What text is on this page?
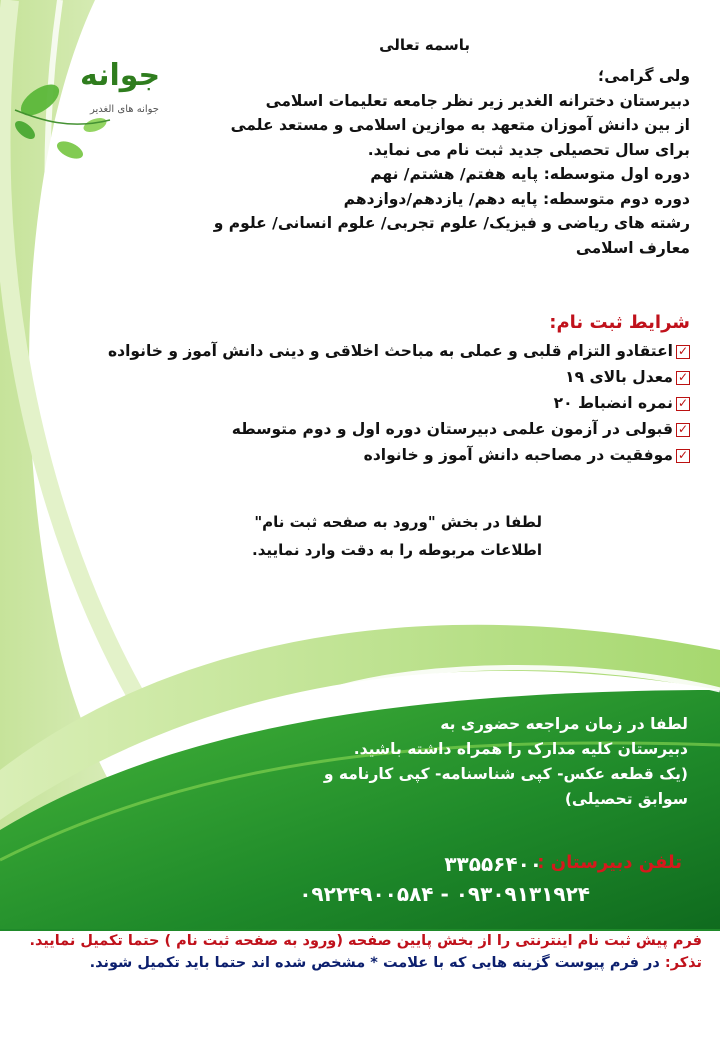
جوانه
جوانه های الغدیر
باسمه تعالی
ولی گرامی؛
دبیرستان دخترانه الغدیر زیر نظر جامعه تعلیمات اسلامی
از بین دانش آموزان متعهد به موازین اسلامی و مستعد علمی
برای سال تحصیلی جدید ثبت نام می نماید.
دوره اول متوسطه: پایه هفتم/ هشتم/ نهم
دوره دوم متوسطه: پایه دهم/ یازدهم/دوازدهم
رشته های ریاضی و فیزیک/ علوم تجربی/ علوم انسانی/ علوم و
معارف اسلامی
شرایط ثبت نام:
✓اعتقادو التزام قلبی و عملی به مباحث اخلاقی و دینی دانش آموز و خانواده
✓معدل بالای ۱۹
✓نمره انضباط ۲۰
✓قبولی در آزمون علمی دبیرستان دوره اول و دوم متوسطه
✓موفقیت در مصاحبه دانش آموز و خانواده
لطفا در بخش "ورود به صفحه ثبت نام"
اطلاعات مربوطه را به دقت وارد نمایید.
لطفا در زمان مراجعه حضوری به
دبیرستان کلیه مدارک را همراه داشته باشید.
(یک قطعه عکس- کپی شناسنامه- کپی کارنامه و
سوابق تحصیلی)
تلفن دبیرستان :
۳۳۵۵۶۴۰۰
۰۹۲۲۴۹۰۰۵۸۴ - ۰۹۳۰۹۱۳۱۹۲۴
فرم پیش ثبت نام اینترنتی را از بخش پایین صفحه (ورود به صفحه ثبت نام ) حتما تکمیل نمایید.
تذکر: در فرم پیوست گزینه هایی که با علامت * مشخص شده اند حتما باید تکمیل شوند.
